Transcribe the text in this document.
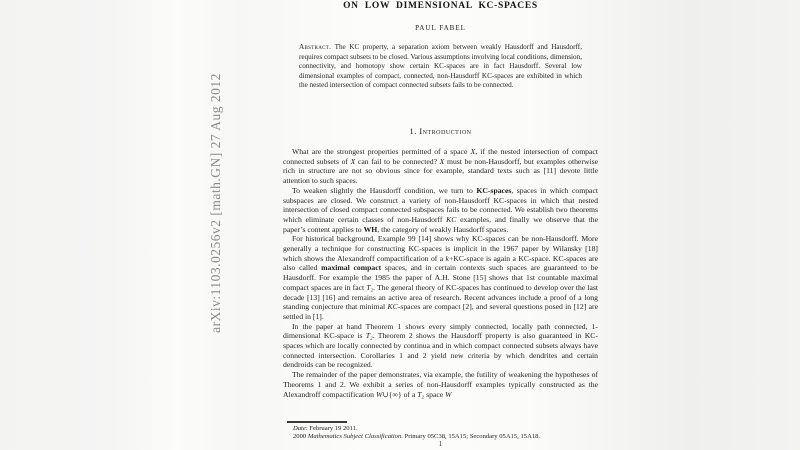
arXiv:1103.0256v2 [math.GN] 27 Aug 2012
ON LOW DIMENSIONAL KC-SPACES
PAUL FABEL

Abstract. The KC property, a separation axiom between weakly Hausdorff and Hausdorff, requires compact subsets to be closed. Various assumptions involving local conditions, dimension, connectivity, and homotopy show certain KC-spaces are in fact Hausdorff. Several low dimensional examples of compact, connected, non-Hausdorff KC-spaces are exhibited in which the nested intersection of compact connected subsets fails to be connected.

1. Introduction

What are the strongest properties permitted of a space X, if the nested intersection of compact connected subsets of X can fail to be connected? X must be non-Hausdorff, but examples otherwise rich in structure are not so obvious since for example, standard texts such as [11] devote little attention to such spaces.

To weaken slightly the Hausdorff condition, we turn to KC-spaces, spaces in which compact subspaces are closed. We construct a variety of non-Hausdorff KC-spaces in which that nested intersection of closed compact connected subspaces fails to be connected. We establish two theorems which eliminate certain classes of non-Hausdorff KC examples, and finally we observe that the paper’s content applies to WH, the category of weakly Hausdorff spaces.

For historical background, Example 99 [14] shows why KC-spaces can be non-Hausdorff. More generally a technique for constructing KC-spaces is implicit in the 1967 paper by Wilansky [18] which shows the Alexandroff compactification of a k+KC-space is again a KC-space. KC-spaces are also called maximal compact spaces, and in certain contexts such spaces are guaranteed to be Hausdorff. For example the 1985 the paper of A.H. Stone [15] shows that 1st countable maximal compact spaces are in fact T₂. The general theory of KC-spaces has continued to develop over the last decade [13] [16] and remains an active area of research. Recent advances include a proof of a long standing conjecture that minimal KC-spaces are compact [2], and several questions posed in [12] are settled in [1].

In the paper at hand Theorem 1 shows every simply connected, locally path connected, 1-dimensional KC-space is T₂. Theorem 2 shows the Hausdorff property is also guaranteed in KC-spaces which are locally connected by continua and in which compact connected subsets always have connected intersection. Corollaries 1 and 2 yield new criteria by which dendrites and certain dendroids can be recognized.

The remainder of the paper demonstrates, via example, the futility of weakening the hypotheses of Theorems 1 and 2. We exhibit a series of non-Hausdorff examples typically constructed as the Alexandroff compactification W∪{∞} of a T₂ space W

Date: February 19 2011.

2000 Mathematics Subject Classification. Primary 05C38, 15A15; Secondary 05A15, 15A18.

1
